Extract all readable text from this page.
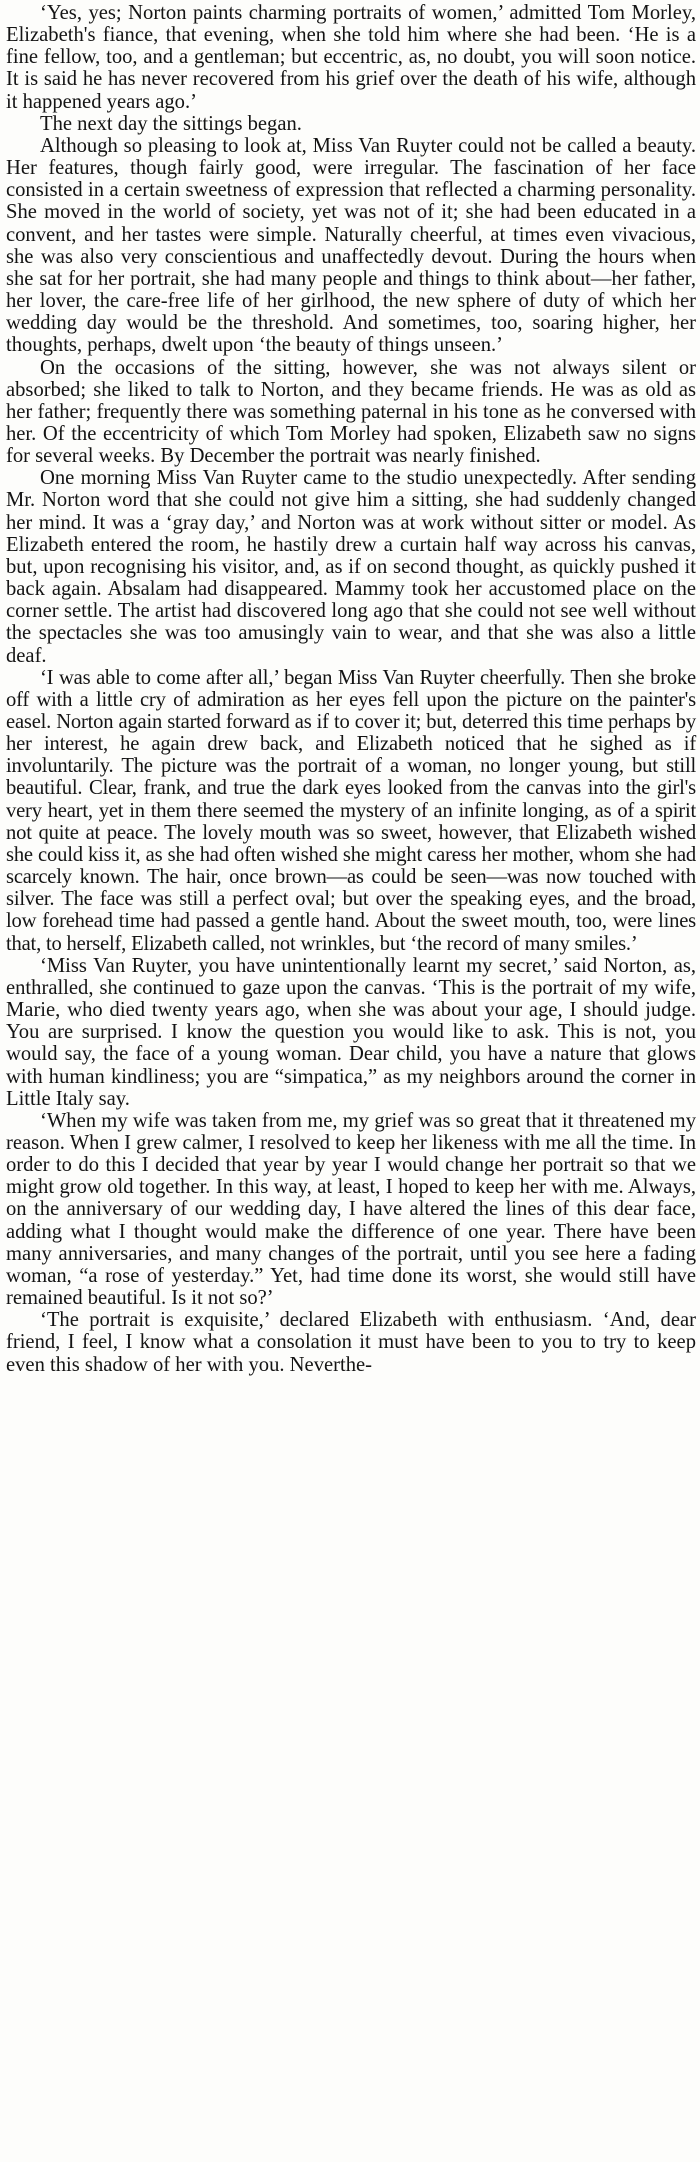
‘Yes, yes; Norton paints charming portraits of women,’ admitted Tom Morley, Elizabeth's fiance, that evening, when she told him where she had been. ‘He is a fine fellow, too, and a gentleman; but eccentric, as, no doubt, you will soon notice. It is said he has never recovered from his grief over the death of his wife, although it happened years ago.’

The next day the sittings began.

Although so pleasing to look at, Miss Van Ruyter could not be called a beauty. Her features, though fairly good, were irregular. The fascination of her face consisted in a certain sweetness of expression that reflected a charming personality. She moved in the world of society, yet was not of it; she had been educated in a convent, and her tastes were simple. Naturally cheerful, at times even vivacious, she was also very conscientious and unaffectedly devout. During the hours when she sat for her portrait, she had many people and things to think about—her father, her lover, the care-free life of her girlhood, the new sphere of duty of which her wedding day would be the threshold. And sometimes, too, soaring higher, her thoughts, perhaps, dwelt upon ‘the beauty of things unseen.’

On the occasions of the sitting, however, she was not always silent or absorbed; she liked to talk to Norton, and they became friends. He was as old as her father; frequently there was something paternal in his tone as he conversed with her. Of the eccentricity of which Tom Morley had spoken, Elizabeth saw no signs for several weeks. By December the portrait was nearly finished.

One morning Miss Van Ruyter came to the studio unexpectedly. After sending Mr. Norton word that she could not give him a sitting, she had suddenly changed her mind. It was a ‘gray day,’ and Norton was at work without sitter or model. As Elizabeth entered the room, he hastily drew a curtain half way across his canvas, but, upon recognising his visitor, and, as if on second thought, as quickly pushed it back again. Absalam had disappeared. Mammy took her accustomed place on the corner settle. The artist had discovered long ago that she could not see well without the spectacles she was too amusingly vain to wear, and that she was also a little deaf.

‘I was able to come after all,’ began Miss Van Ruyter cheerfully. Then she broke off with a little cry of admiration as her eyes fell upon the picture on the painter's easel. Norton again started forward as if to cover it; but, deterred this time perhaps by her interest, he again drew back, and Elizabeth noticed that he sighed as if involuntarily. The picture was the portrait of a woman, no longer young, but still beautiful. Clear, frank, and true the dark eyes looked from the canvas into the girl's very heart, yet in them there seemed the mystery of an infinite longing, as of a spirit not quite at peace. The lovely mouth was so sweet, however, that Elizabeth wished she could kiss it, as she had often wished she might caress her mother, whom she had scarcely known. The hair, once brown—as could be seen—was now touched with silver. The face was still a perfect oval; but over the speaking eyes, and the broad, low forehead time had passed a gentle hand. About the sweet mouth, too, were lines that, to herself, Elizabeth called, not wrinkles, but ‘the record of many smiles.’

‘Miss Van Ruyter, you have unintentionally learnt my secret,’ said Norton, as, enthralled, she continued to gaze upon the canvas. ‘This is the portrait of my wife, Marie, who died twenty years ago, when she was about your age, I should judge. You are surprised. I know the question you would like to ask. This is not, you would say, the face of a young woman. Dear child, you have a nature that glows with human kindliness; you are “simpatica,” as my neighbors around the corner in Little Italy say.

‘When my wife was taken from me, my grief was so great that it threatened my reason. When I grew calmer, I resolved to keep her likeness with me all the time. In order to do this I decided that year by year I would change her portrait so that we might grow old together. In this way, at least, I hoped to keep her with me. Always, on the anniversary of our wedding day, I have altered the lines of this dear face, adding what I thought would make the difference of one year. There have been many anniversaries, and many changes of the portrait, until you see here a fading woman, “a rose of yesterday.” Yet, had time done its worst, she would still have remained beautiful. Is it not so?’

‘The portrait is exquisite,’ declared Elizabeth with enthusiasm. ‘And, dear friend, I feel, I know what a consolation it must have been to you to try to keep even this shadow of her with you. Neverthe-
